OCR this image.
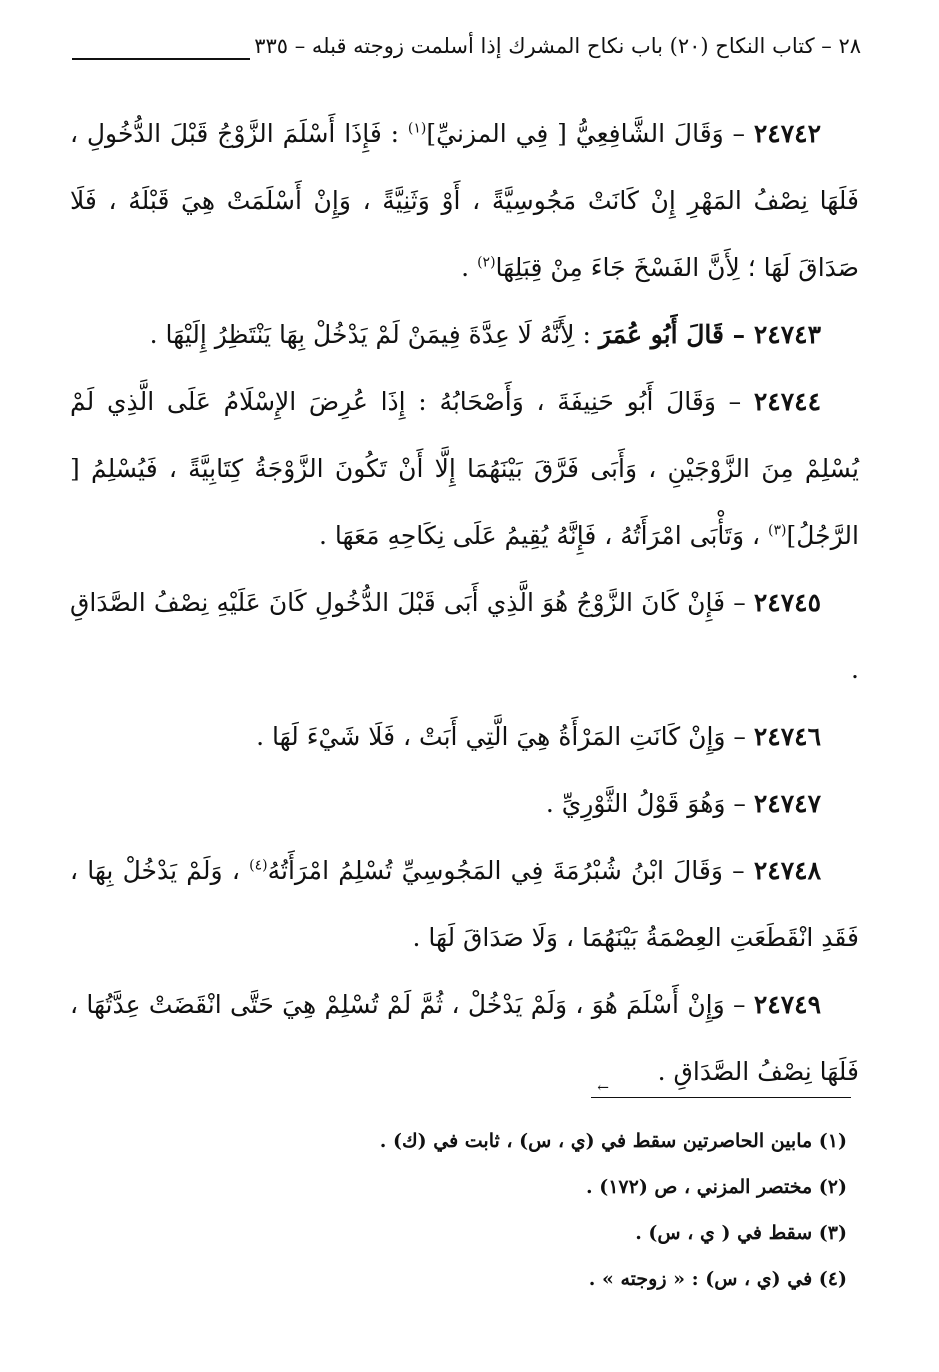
٢٨ – كتاب النكاح (٢٠) باب نكاح المشرك إذا أسلمت زوجته قبله – ٣٣٥

٢٤٧٤٢ – وَقَالَ الشَّافِعِيُّ [ فِي المزنيِّ]$^{(١)}$ : فَإِذَا أَسْلَمَ الزَّوْجُ قَبْلَ الدُّخُولِ ، فَلَهَا نِصْفُ المَهْرِ إِنْ كَانَتْ مَجُوسِيَّةً ، أَوْ وَثَنِيَّةً ، وَإِنْ أَسْلَمَتْ هِيَ قَبْلَهُ ، فَلَا صَدَاقَ لَهَا ؛ لِأَنَّ الفَسْخَ جَاءَ مِنْ قِبَلِهَا$^{(٢)}$ .

٢٤٧٤٣ – قَالَ أَبُو عُمَرَ : لِأَنَّهُ لَا عِدَّةَ فِيمَنْ لَمْ يَدْخُلْ بِهَا يَنْتَظِرُ إِلَيْهَا .

٢٤٧٤٤ – وَقَالَ أَبُو حَنِيفَةَ ، وَأَصْحَابُهُ : إِذَا عُرِضَ الإِسْلَامُ عَلَى الَّذِي لَمْ يُسْلِمْ مِنَ الزَّوْجَيْنِ ، وَأَبَى فَرَّقَ بَيْنَهُمَا إِلَّا أَنْ تَكُونَ الزَّوْجَةُ كِتَابِيَّةً ، فَيُسْلِمُ [ الرَّجُلُ]$^{(٣)}$ ، وَتَأْبَى امْرَأَتُهُ ، فَإِنَّهُ يُقِيمُ عَلَى نِكَاحِهِ مَعَهَا .

٢٤٧٤٥ – فَإِنْ كَانَ الزَّوْجُ هُوَ الَّذِي أَبَى قَبْلَ الدُّخُولِ كَانَ عَلَيْهِ نِصْفُ الصَّدَاقِ .

٢٤٧٤٦ – وَإِنْ كَانَتِ المَرْأَةُ هِيَ الَّتِي أَبَتْ ، فَلَا شَيْءَ لَهَا .

٢٤٧٤٧ – وَهُوَ قَوْلُ الثَّوْرِيِّ .

٢٤٧٤٨ – وَقَالَ ابْنُ شُبْرُمَةَ فِي المَجُوسِيِّ تُسْلِمُ امْرَأَتُهُ$^{(٤)}$ ، وَلَمْ يَدْخُلْ بِهَا ، فَقَدِ انْقَطَعَتِ العِصْمَةُ بَيْنَهُمَا ، وَلَا صَدَاقَ لَهَا .

٢٤٧٤٩ – وَإِنْ أَسْلَمَ هُوَ ، وَلَمْ يَدْخُلْ ، ثُمَّ لَمْ تُسْلِمْ هِيَ حَتَّى انْقَضَتْ عِدَّتُهَا ، فَلَهَا نِصْفُ الصَّدَاقِ .

←

(١) مابين الحاصرتين سقط في (ي ، س) ، ثابت في (ك) .

(٢) مختصر المزني ، ص (١٧٢) .

(٣) سقط في ( ي ، س) .

(٤) في (ي ، س) : « زوجته » .
